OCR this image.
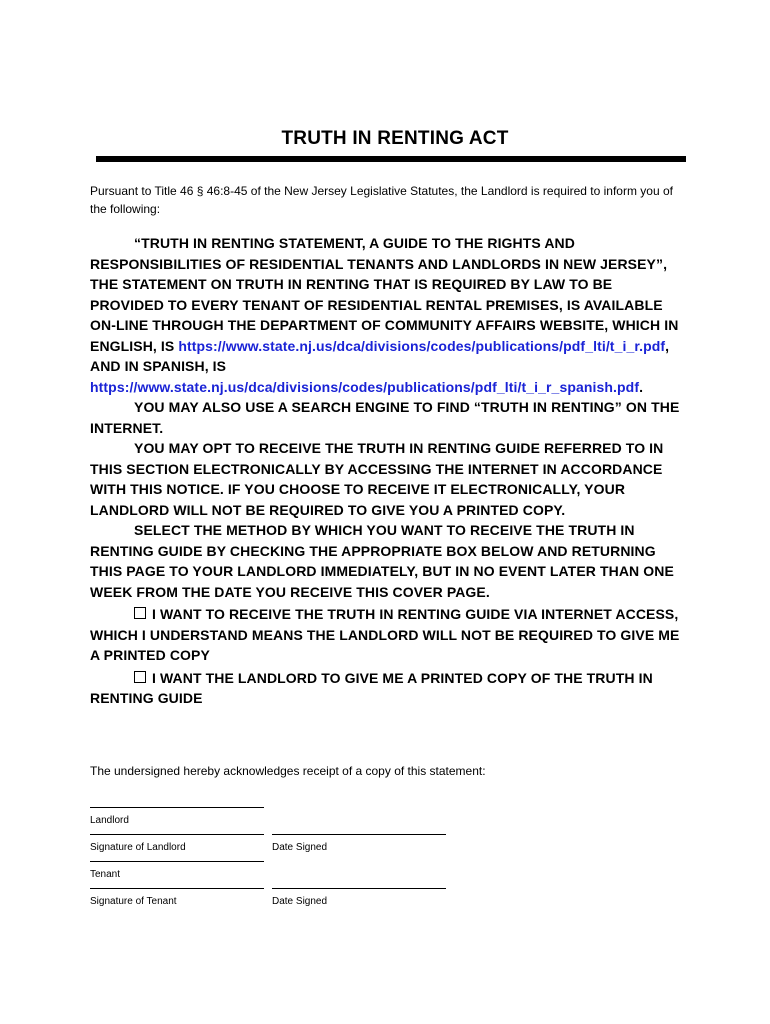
TRUTH IN RENTING ACT
Pursuant to Title 46 § 46:8-45 of the New Jersey Legislative Statutes, the Landlord is required to inform you of the following:
“TRUTH IN RENTING STATEMENT, A GUIDE TO THE RIGHTS AND RESPONSIBILITIES OF RESIDENTIAL TENANTS AND LANDLORDS IN NEW JERSEY”, THE STATEMENT ON TRUTH IN RENTING THAT IS REQUIRED BY LAW TO BE PROVIDED TO EVERY TENANT OF RESIDENTIAL RENTAL PREMISES, IS AVAILABLE ON-LINE THROUGH THE DEPARTMENT OF COMMUNITY AFFAIRS WEBSITE, WHICH IN ENGLISH, IS https://www.state.nj.us/dca/divisions/codes/publications/pdf_lti/t_i_r.pdf, AND IN SPANISH, IS https://www.state.nj.us/dca/divisions/codes/publications/pdf_lti/t_i_r_spanish.pdf.
YOU MAY ALSO USE A SEARCH ENGINE TO FIND “TRUTH IN RENTING” ON THE INTERNET.
YOU MAY OPT TO RECEIVE THE TRUTH IN RENTING GUIDE REFERRED TO IN THIS SECTION ELECTRONICALLY BY ACCESSING THE INTERNET IN ACCORDANCE WITH THIS NOTICE. IF YOU CHOOSE TO RECEIVE IT ELECTRONICALLY, YOUR LANDLORD WILL NOT BE REQUIRED TO GIVE YOU A PRINTED COPY.
SELECT THE METHOD BY WHICH YOU WANT TO RECEIVE THE TRUTH IN RENTING GUIDE BY CHECKING THE APPROPRIATE BOX BELOW AND RETURNING THIS PAGE TO YOUR LANDLORD IMMEDIATELY, BUT IN NO EVENT LATER THAN ONE WEEK FROM THE DATE YOU RECEIVE THIS COVER PAGE.
I WANT TO RECEIVE THE TRUTH IN RENTING GUIDE VIA INTERNET ACCESS, WHICH I UNDERSTAND MEANS THE LANDLORD WILL NOT BE REQUIRED TO GIVE ME A PRINTED COPY
I WANT THE LANDLORD TO GIVE ME A PRINTED COPY OF THE TRUTH IN RENTING GUIDE
The undersigned hereby acknowledges receipt of a copy of this statement:
Landlord
Signature of Landlord	Date Signed
Tenant
Signature of Tenant	Date Signed
